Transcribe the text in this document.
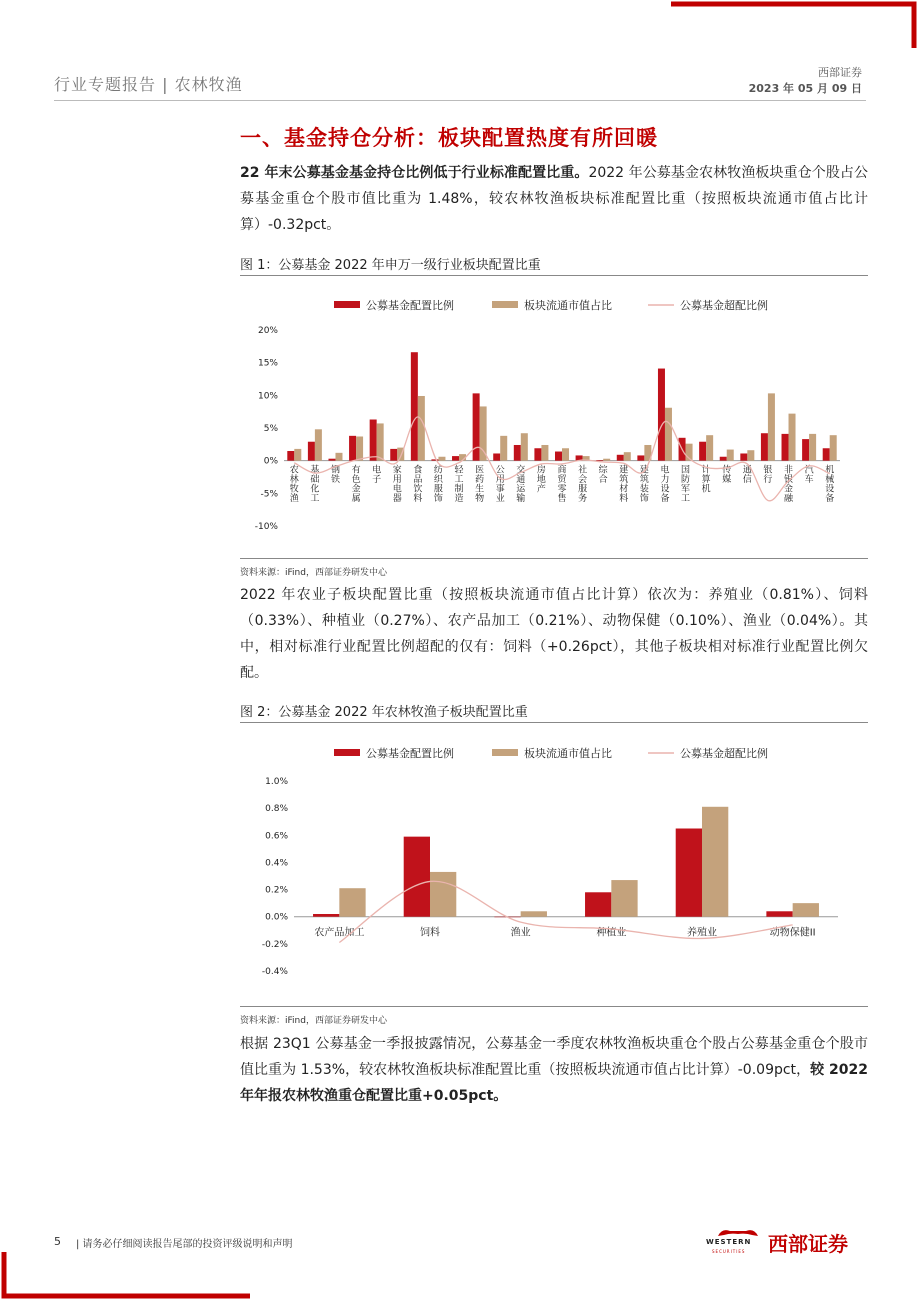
行业专题报告 | 农林牧渔
西部证券
2023 年 05 月 09 日
一、基金持仓分析：板块配置热度有所回暖
22 年末公募基金基金持仓比例低于行业标准配置比重。2022 年公募基金农林牧渔板块重仓个股占公募基金重仓个股市值比重为 1.48%，较农林牧渔板块标准配置比重（按照板块流通市值占比计算）-0.32pct。
图 1：公募基金 2022 年申万一级行业板块配置比重
公募基金配置比例	板块流通市值占比	公募基金超配比例
20%
15%
10%
5%
0%
-5%
-10%
农林牧渔
基础化工
钢铁
有色金属
电子
家用电器
食品饮料
纺织服饰
轻工制造
医药生物
公用事业
交通运输
房地产
商贸零售
社会服务
综合
建筑材料
建筑装饰
电力设备
国防军工
计算机
传媒
通信
银行
非银金融
汽车
机械设备
资料来源：iFind，西部证券研发中心
2022 年农业子板块配置比重（按照板块流通市值占比计算）依次为：养殖业（0.81%）、饲料（0.33%）、种植业（0.27%）、农产品加工（0.21%）、动物保健（0.10%）、渔业（0.04%）。其中，相对标准行业配置比例超配的仅有：饲料（+0.26pct），其他子板块相对标准行业配置比例欠配。
图 2：公募基金 2022 年农林牧渔子板块配置比重
公募基金配置比例	板块流通市值占比	公募基金超配比例
1.0%
0.8%
0.6%
0.4%
0.2%
0.0%
-0.2%
-0.4%
农产品加工	饲料	渔业	种植业	养殖业	动物保健II
资料来源：iFind，西部证券研发中心
根据 23Q1 公募基金一季报披露情况，公募基金一季度农林牧渔板块重仓个股占公募基金重仓个股市值比重为 1.53%，较农林牧渔板块标准配置比重（按照板块流通市值占比计算）-0.09pct，较 2022 年年报农林牧渔重仓配置比重+0.05pct。
5 | 请务必仔细阅读报告尾部的投资评级说明和声明	WESTERN
SECURITIES 西部证券
